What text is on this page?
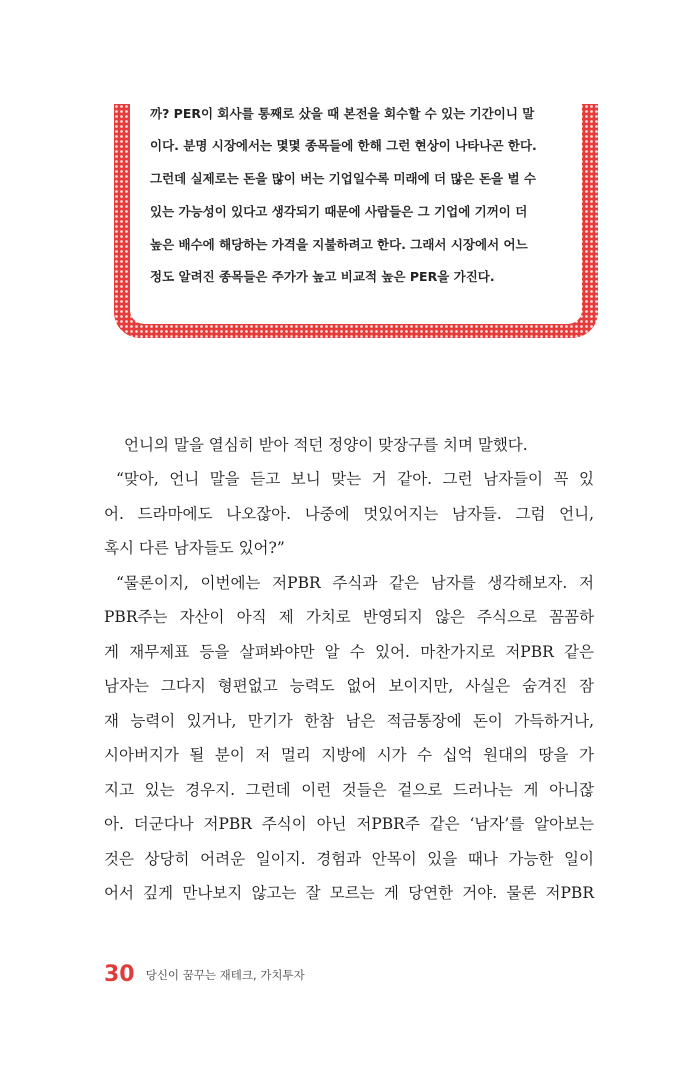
까? PER이 회사를 통째로 샀을 때 본전을 회수할 수 있는 기간이니 말
이다. 분명 시장에서는 몇몇 종목들에 한해 그런 현상이 나타나곤 한다.
그런데 실제로는 돈을 많이 버는 기업일수록 미래에 더 많은 돈을 벌 수
있는 가능성이 있다고 생각되기 때문에 사람들은 그 기업에 기꺼이 더
높은 배수에 해당하는 가격을 지불하려고 한다. 그래서 시장에서 어느
정도 알려진 종목들은 주가가 높고 비교적 높은 PER을 가진다.
언니의 말을 열심히 받아 적던 정양이 맞장구를 치며 말했다.
“맞아, 언니 말을 듣고 보니 맞는 거 같아. 그런 남자들이 꼭 있
어. 드라마에도 나오잖아. 나중에 멋있어지는 남자들. 그럼 언니,
혹시 다른 남자들도 있어?”
“물론이지, 이번에는 저PBR 주식과 같은 남자를 생각해보자. 저
PBR주는 자산이 아직 제 가치로 반영되지 않은 주식으로 꼼꼼하
게 재무제표 등을 살펴봐야만 알 수 있어. 마찬가지로 저PBR 같은
남자는 그다지 형편없고 능력도 없어 보이지만, 사실은 숨겨진 잠
재 능력이 있거나, 만기가 한참 남은 적금통장에 돈이 가득하거나,
시아버지가 될 분이 저 멀리 지방에 시가 수 십억 원대의 땅을 가
지고 있는 경우지. 그런데 이런 것들은 겉으로 드러나는 게 아니잖
아. 더군다나 저PBR 주식이 아닌 저PBR주 같은 ‘남자’를 알아보는
것은 상당히 어려운 일이지. 경험과 안목이 있을 때나 가능한 일이
어서 깊게 만나보지 않고는 잘 모르는 게 당연한 거야. 물론 저PBR
30 당신이 꿈꾸는 재테크, 가치투자
